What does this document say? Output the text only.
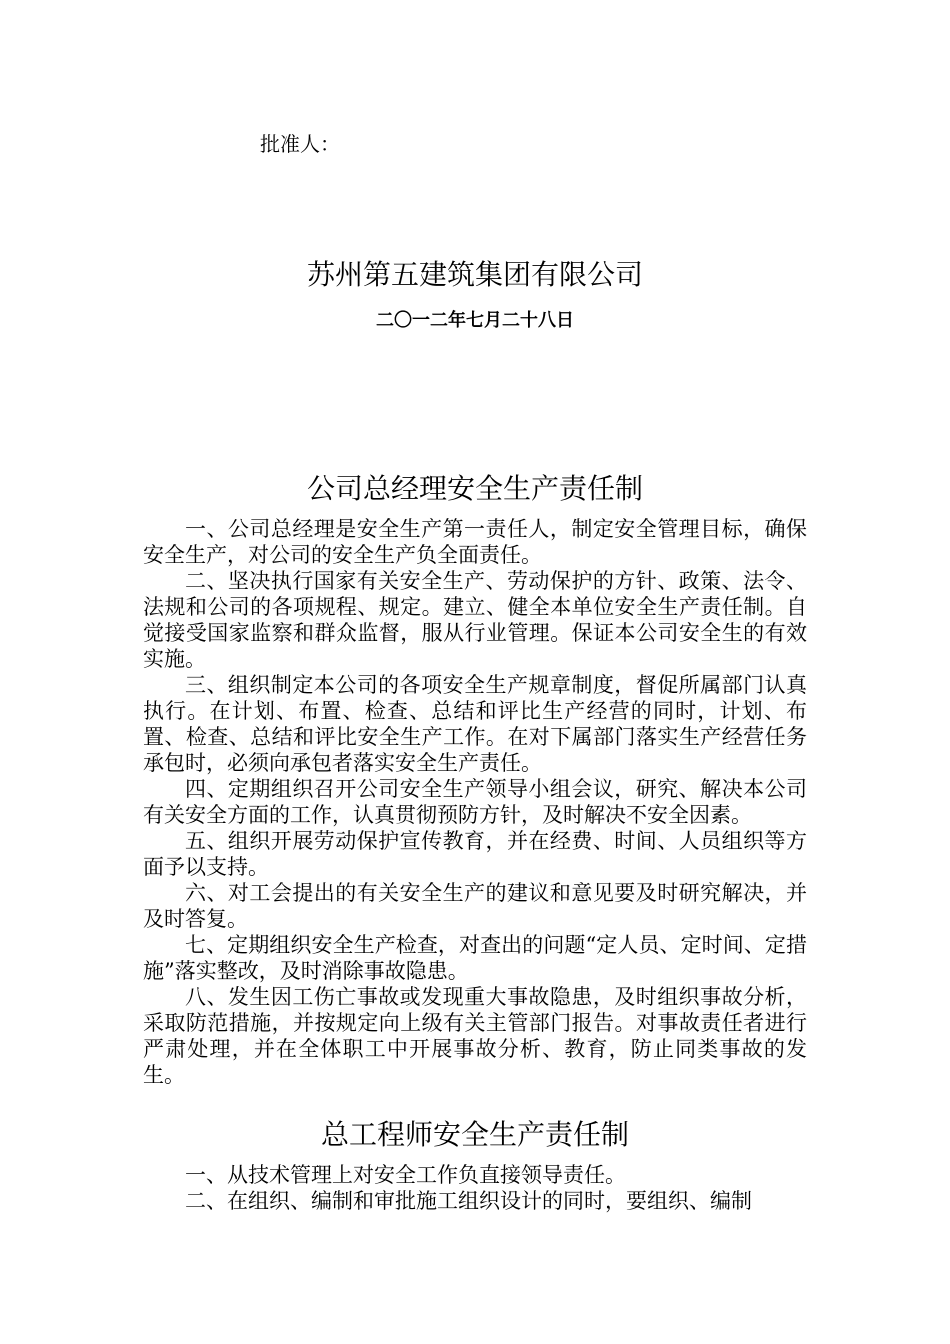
批准人：

苏州第五建筑集团有限公司

二〇一二年七月二十八日

公司总经理安全生产责任制

一、公司总经理是安全生产第一责任人，制定安全管理目标，确保安全生产，对公司的安全生产负全面责任。

二、坚决执行国家有关安全生产、劳动保护的方针、政策、法令、法规和公司的各项规程、规定。建立、健全本单位安全生产责任制。自觉接受国家监察和群众监督，服从行业管理。保证本公司安全生的有效实施。

三、组织制定本公司的各项安全生产规章制度，督促所属部门认真执行。在计划、布置、检查、总结和评比生产经营的同时，计划、布置、检查、总结和评比安全生产工作。在对下属部门落实生产经营任务承包时，必须向承包者落实安全生产责任。

四、定期组织召开公司安全生产领导小组会议，研究、解决本公司有关安全方面的工作，认真贯彻预防方针，及时解决不安全因素。

五、组织开展劳动保护宣传教育，并在经费、时间、人员组织等方面予以支持。

六、对工会提出的有关安全生产的建议和意见要及时研究解决，并及时答复。

七、定期组织安全生产检查，对查出的问题“定人员、定时间、定措施”落实整改，及时消除事故隐患。

八、发生因工伤亡事故或发现重大事故隐患，及时组织事故分析，采取防范措施，并按规定向上级有关主管部门报告。对事故责任者进行严肃处理，并在全体职工中开展事故分析、教育，防止同类事故的发生。

总工程师安全生产责任制

一、从技术管理上对安全工作负直接领导责任。

二、在组织、编制和审批施工组织设计的同时，要组织、编制
